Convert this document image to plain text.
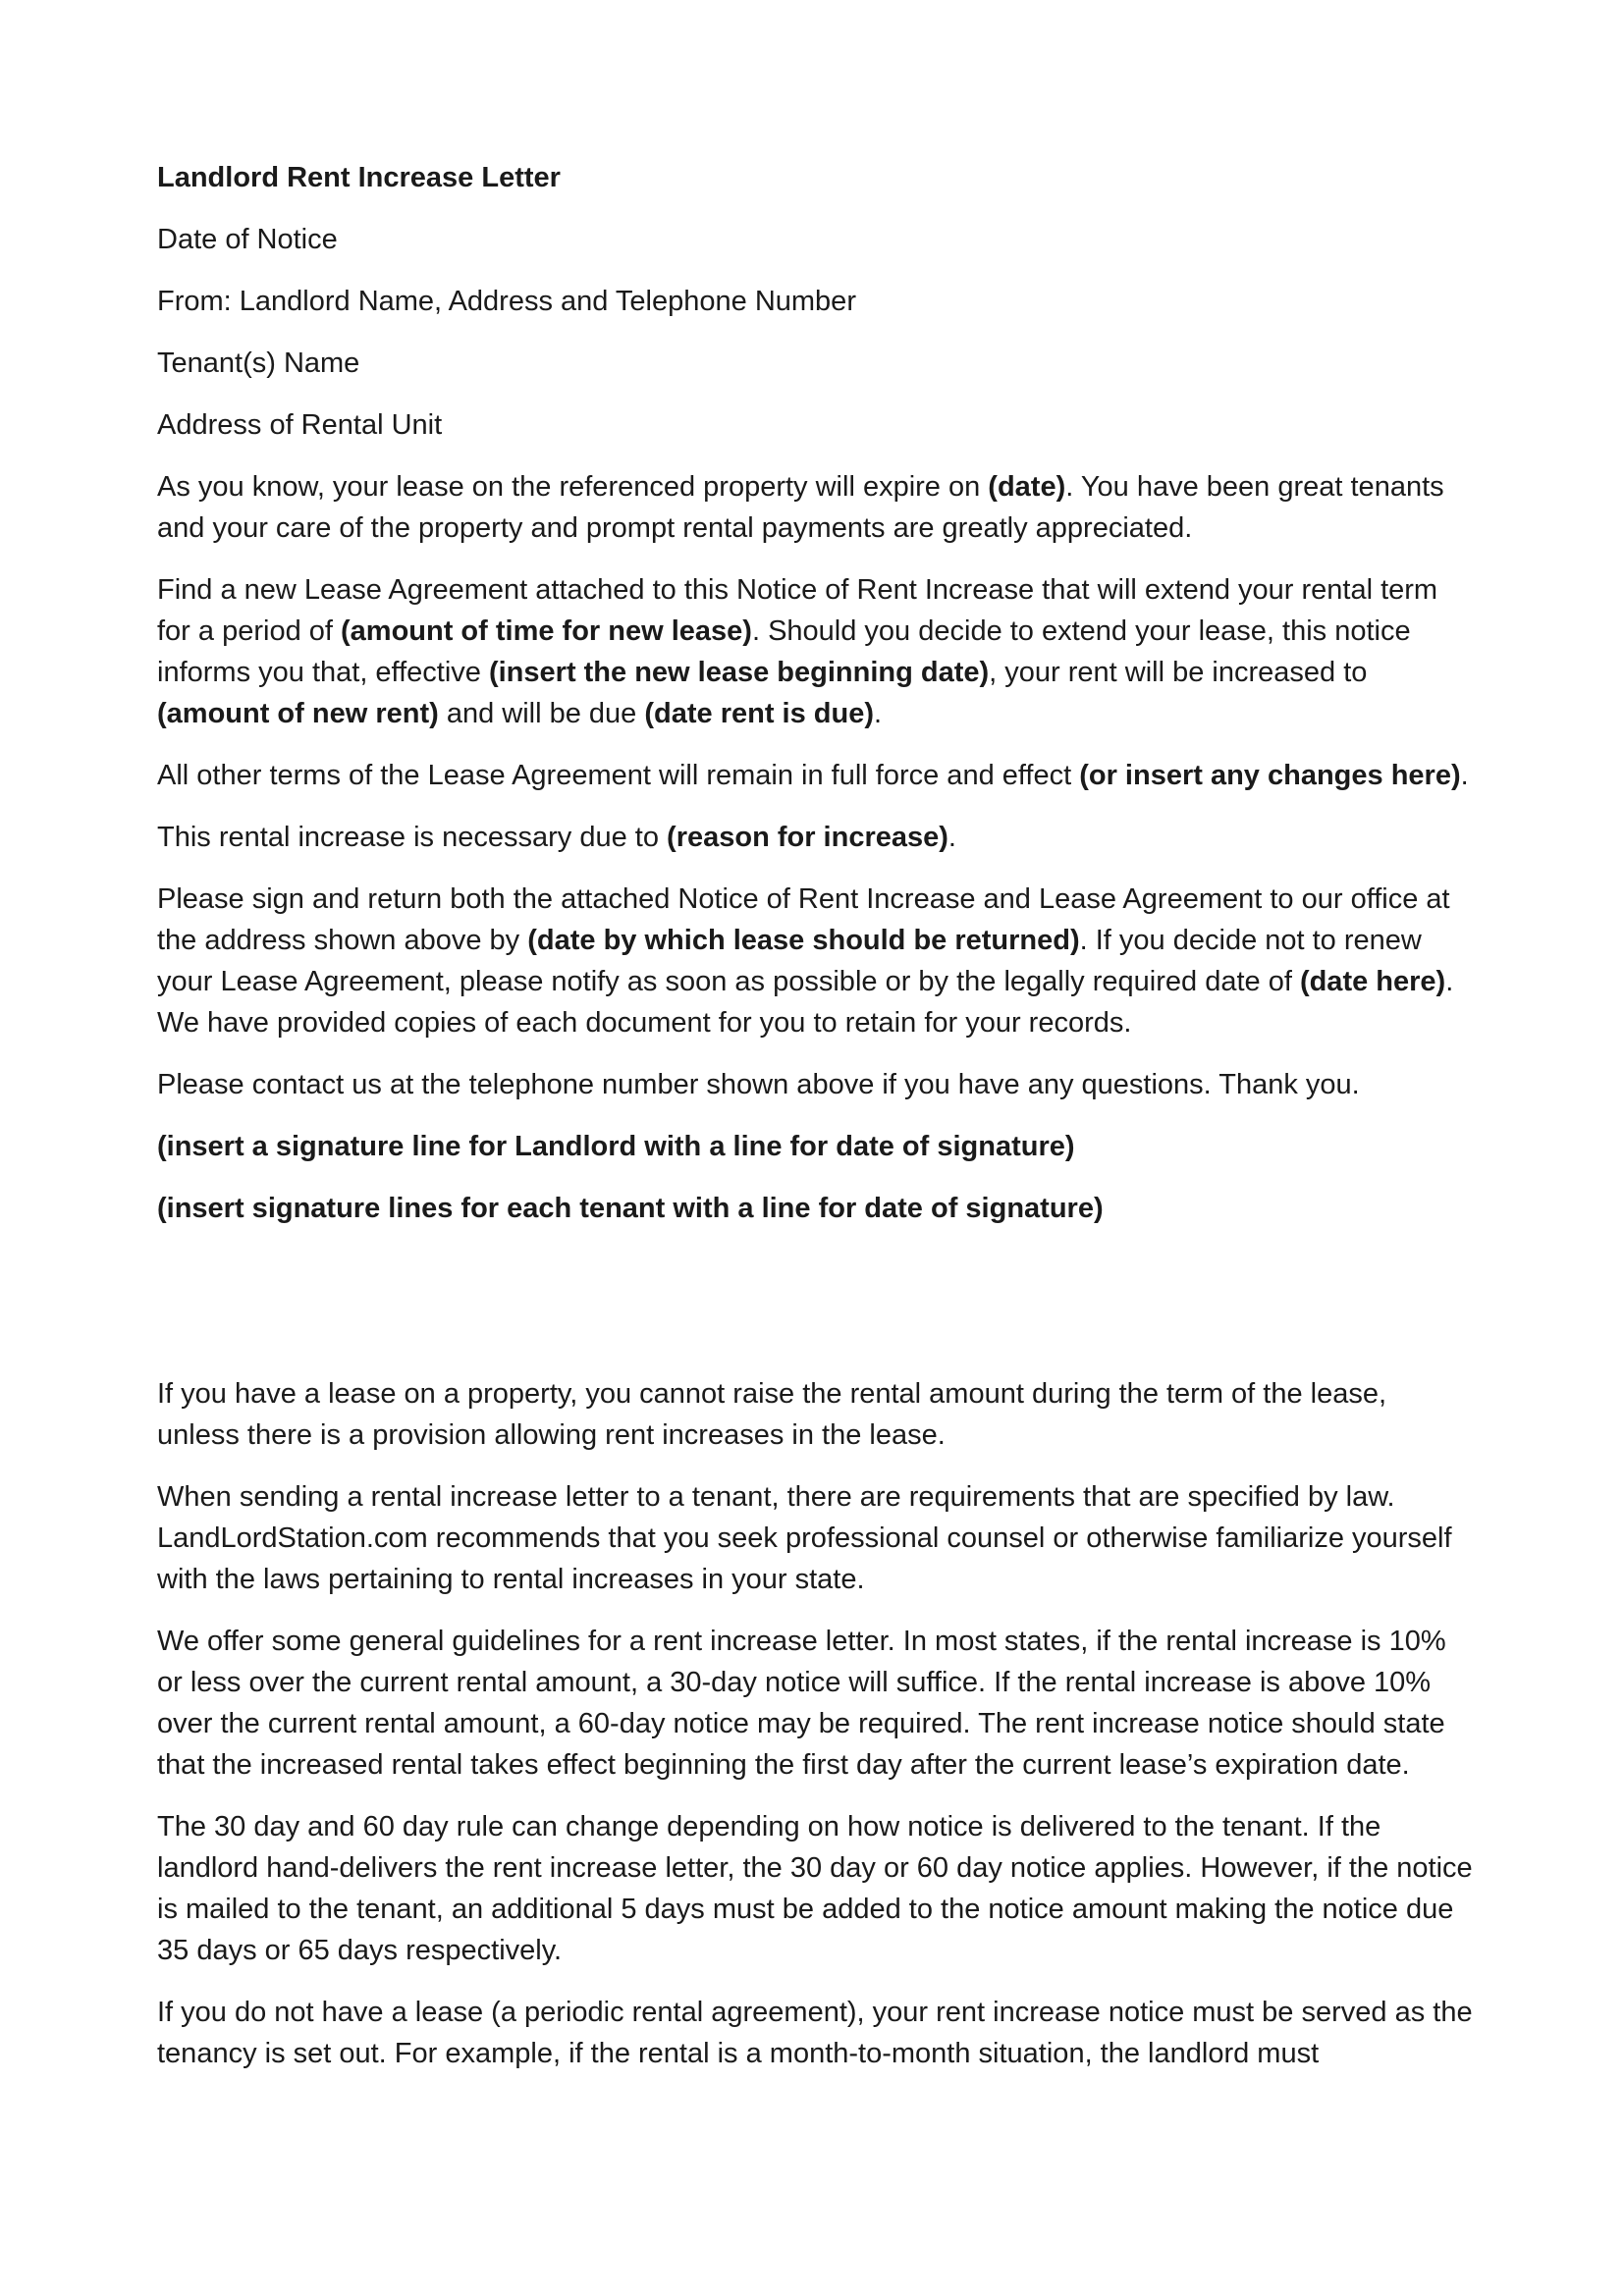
Landlord Rent Increase Letter

Date of Notice

From: Landlord Name, Address and Telephone Number

Tenant(s) Name

Address of Rental Unit

As you know, your lease on the referenced property will expire on (date). You have been great tenants and your care of the property and prompt rental payments are greatly appreciated.

Find a new Lease Agreement attached to this Notice of Rent Increase that will extend your rental term for a period of (amount of time for new lease). Should you decide to extend your lease, this notice informs you that, effective (insert the new lease beginning date), your rent will be increased to (amount of new rent) and will be due (date rent is due).

All other terms of the Lease Agreement will remain in full force and effect (or insert any changes here).

This rental increase is necessary due to (reason for increase).

Please sign and return both the attached Notice of Rent Increase and Lease Agreement to our office at the address shown above by (date by which lease should be returned). If you decide not to renew your Lease Agreement, please notify as soon as possible or by the legally required date of (date here). We have provided copies of each document for you to retain for your records.

Please contact us at the telephone number shown above if you have any questions. Thank you.

(insert a signature line for Landlord with a line for date of signature)

(insert signature lines for each tenant with a line for date of signature)

If you have a lease on a property, you cannot raise the rental amount during the term of the lease, unless there is a provision allowing rent increases in the lease.

When sending a rental increase letter to a tenant, there are requirements that are specified by law. LandLordStation.com recommends that you seek professional counsel or otherwise familiarize yourself with the laws pertaining to rental increases in your state.

We offer some general guidelines for a rent increase letter. In most states, if the rental increase is 10% or less over the current rental amount, a 30-day notice will suffice. If the rental increase is above 10% over the current rental amount, a 60-day notice may be required. The rent increase notice should state that the increased rental takes effect beginning the first day after the current lease’s expiration date.

The 30 day and 60 day rule can change depending on how notice is delivered to the tenant. If the landlord hand-delivers the rent increase letter, the 30 day or 60 day notice applies. However, if the notice is mailed to the tenant, an additional 5 days must be added to the notice amount making the notice due 35 days or 65 days respectively.

If you do not have a lease (a periodic rental agreement), your rent increase notice must be served as the tenancy is set out. For example, if the rental is a month-to-month situation, the landlord must
